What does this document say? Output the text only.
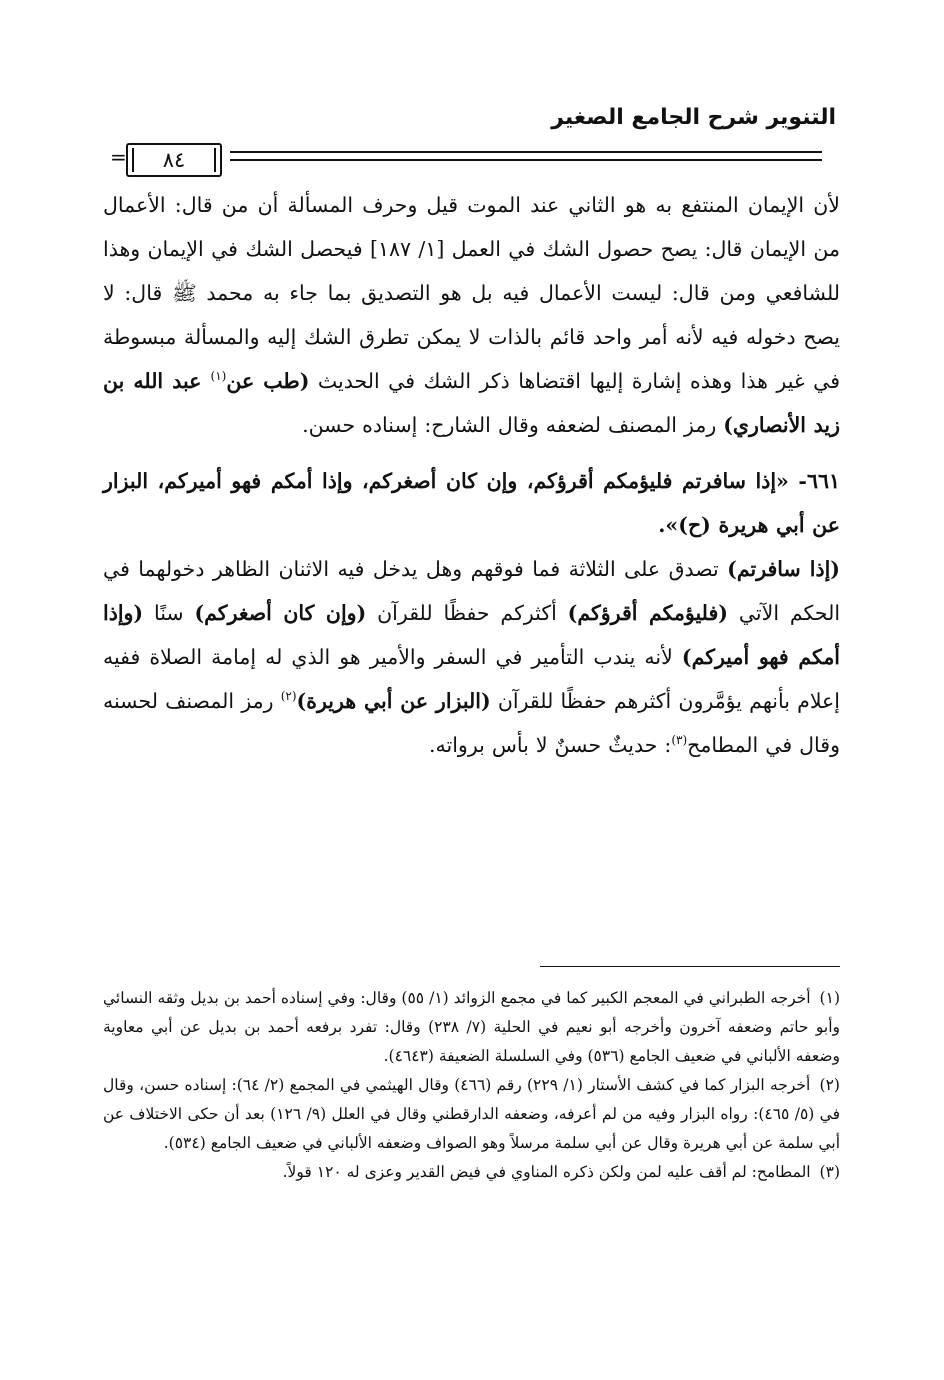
التنوير شرح الجامع الصغير
٨٤
=

لأن الإيمان المنتفع به هو الثاني عند الموت قيل وحرف المسألة أن من قال: الأعمال من الإيمان قال: يصح حصول الشك في العمل [١/ ١٨٧] فيحصل الشك في الإيمان وهذا للشافعي ومن قال: ليست الأعمال فيه بل هو التصديق بما جاء به محمد ﷺ قال: لا يصح دخوله فيه لأنه أمر واحد قائم بالذات لا يمكن تطرق الشك إليه والمسألة مبسوطة في غير هذا وهذه إشارة إليها اقتضاها ذكر الشك في الحديث (طب عن$^{(١)}$ عبد الله بن زيد الأنصاري) رمز المصنف لضعفه وقال الشارح: إسناده حسن.

٦٦١- «إذا سافرتم فليؤمكم أقرؤكم، وإن كان أصغركم، وإذا أمكم فهو أميركم، البزار عن أبي هريرة (ح)».

(إذا سافرتم) تصدق على الثلاثة فما فوقهم وهل يدخل فيه الاثنان الظاهر دخولهما في الحكم الآتي (فليؤمكم أقرؤكم) أكثركم حفظًا للقرآن (وإن كان أصغركم) سنًا (وإذا أمكم فهو أميركم) لأنه يندب التأمير في السفر والأمير هو الذي له إمامة الصلاة ففيه إعلام بأنهم يؤمَّرون أكثرهم حفظًا للقرآن (البزار عن أبي هريرة)$^{(٢)}$ رمز المصنف لحسنه وقال في المطامح$^{(٣)}$: حديثٌ حسنٌ لا بأس برواته.

(١) أخرجه الطبراني في المعجم الكبير كما في مجمع الزوائد (١/ ٥٥) وقال: وفي إسناده أحمد بن بديل وثقه النسائي وأبو حاتم وضعفه آخرون وأخرجه أبو نعيم في الحلية (٧/ ٢٣٨) وقال: تفرد برفعه أحمد بن بديل عن أبي معاوية وضعفه الألباني في ضعيف الجامع (٥٣٦) وفي السلسلة الضعيفة (٤٦٤٣).

(٢) أخرجه البزار كما في كشف الأستار (١/ ٢٢٩) رقم (٤٦٦) وقال الهيثمي في المجمع (٢/ ٦٤): إسناده حسن، وقال في (٥/ ٤٦٥): رواه البزار وفيه من لم أعرفه، وضعفه الدارقطني وقال في العلل (٩/ ١٢٦) بعد أن حكى الاختلاف عن أبي سلمة عن أبي هريرة وقال عن أبي سلمة مرسلاً وهو الصواف وضعفه الألباني في ضعيف الجامع (٥٣٤).

(٣) المطامح: لم أقف عليه لمن ولكن ذكره المناوي في فيض القدير وعزى له ١٢٠ قولاً.
